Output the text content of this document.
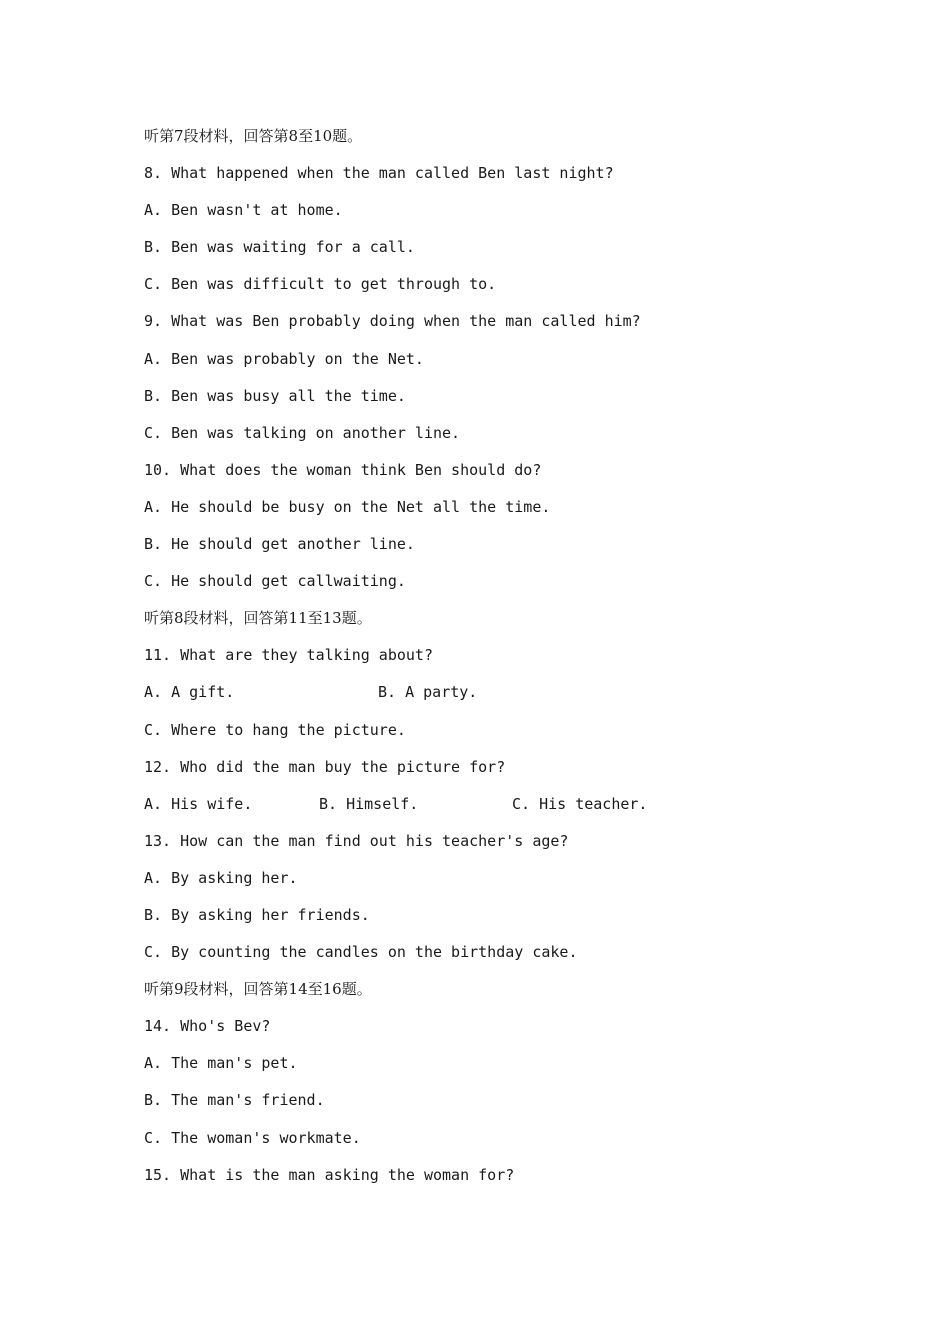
听第7段材料，回答第8至10题。
8. What happened when the man called Ben last night?
A. Ben wasn't at home.
B. Ben was waiting for a call.
C. Ben was difficult to get through to.
9. What was Ben probably doing when the man called him?
A. Ben was probably on the Net.
B. Ben was busy all the time.
C. Ben was talking on another line.
10. What does the woman think Ben should do?
A. He should be busy on the Net all the time.
B. He should get another line.
C. He should get callwaiting.
听第8段材料，回答第11至13题。
11. What are they talking about?

A. A gift.

	B. A party.

C. Where to hang the picture.
12. Who did the man buy the picture for?

A. His wife.

	B. Himself.

	C. His teacher.

13. How can the man find out his teacher's age?
A. By asking her.
B. By asking her friends.
C. By counting the candles on the birthday cake.
听第9段材料，回答第14至16题。
14. Who's Bev?
A. The man's pet.
B. The man's friend.
C. The woman's workmate.
15. What is the man asking the woman for?
